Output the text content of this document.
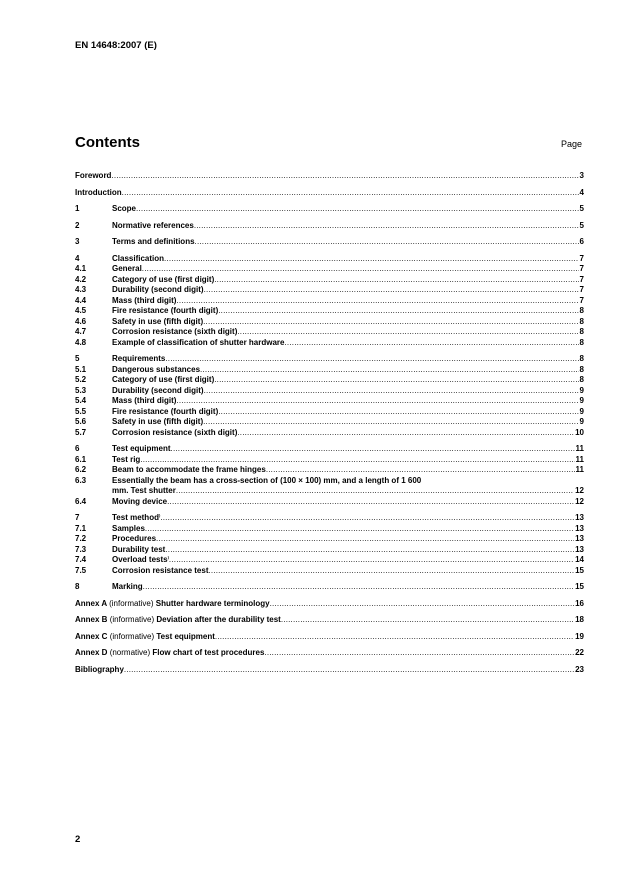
EN 14648:2007 (E)
Contents	Page
Foreword .....	3
Introduction .....	4
1	Scope .....	5
2	Normative references .....	5
3	Terms and definitions .....	6
4	Classification .....	7
4.1	General .....	7
4.2	Category of use (first digit) .....	7
4.3	Durability (second digit) .....	7
4.4	Mass (third digit) .....	7
4.5	Fire resistance (fourth digit) .....	8
4.6	Safety in use (fifth digit) .....	8
4.7	Corrosion resistance (sixth digit) .....	8
4.8	Example of classification of shutter hardware .....	8
5	Requirements .....	8
5.1	Dangerous substances .....	8
5.2	Category of use (first digit) .....	8
5.3	Durability (second digit) .....	9
5.4	Mass (third digit) .....	9
5.5	Fire resistance (fourth digit) .....	9
5.6	Safety in use (fifth digit) .....	9
5.7	Corrosion resistance (sixth digit) .....	10
6	Test equipment .....	11
6.1	Test rig .....	11
6.2	Beam to accommodate the frame hinges .....	11
6.3	Essentially the beam has a cross-section of (100 × 100) mm, and a length of 1 600
mm. Test shutter .....	12
6.4	Moving device .....	12
7	Test method) .....	13
7.1	Samples .....	13
7.2	Procedures .....	13
7.3	Durability test .....	13
7.4	Overload tests) .....	14
7.5	Corrosion resistance test .....	15
8	Marking .....	15
Annex A (informative) Shutter hardware terminology .....	16
Annex B (informative) Deviation after the durability test .....	18
Annex C (informative) Test equipment .....	19
Annex D (normative) Flow chart of test procedures .....	22
Bibliography .....	23
2
